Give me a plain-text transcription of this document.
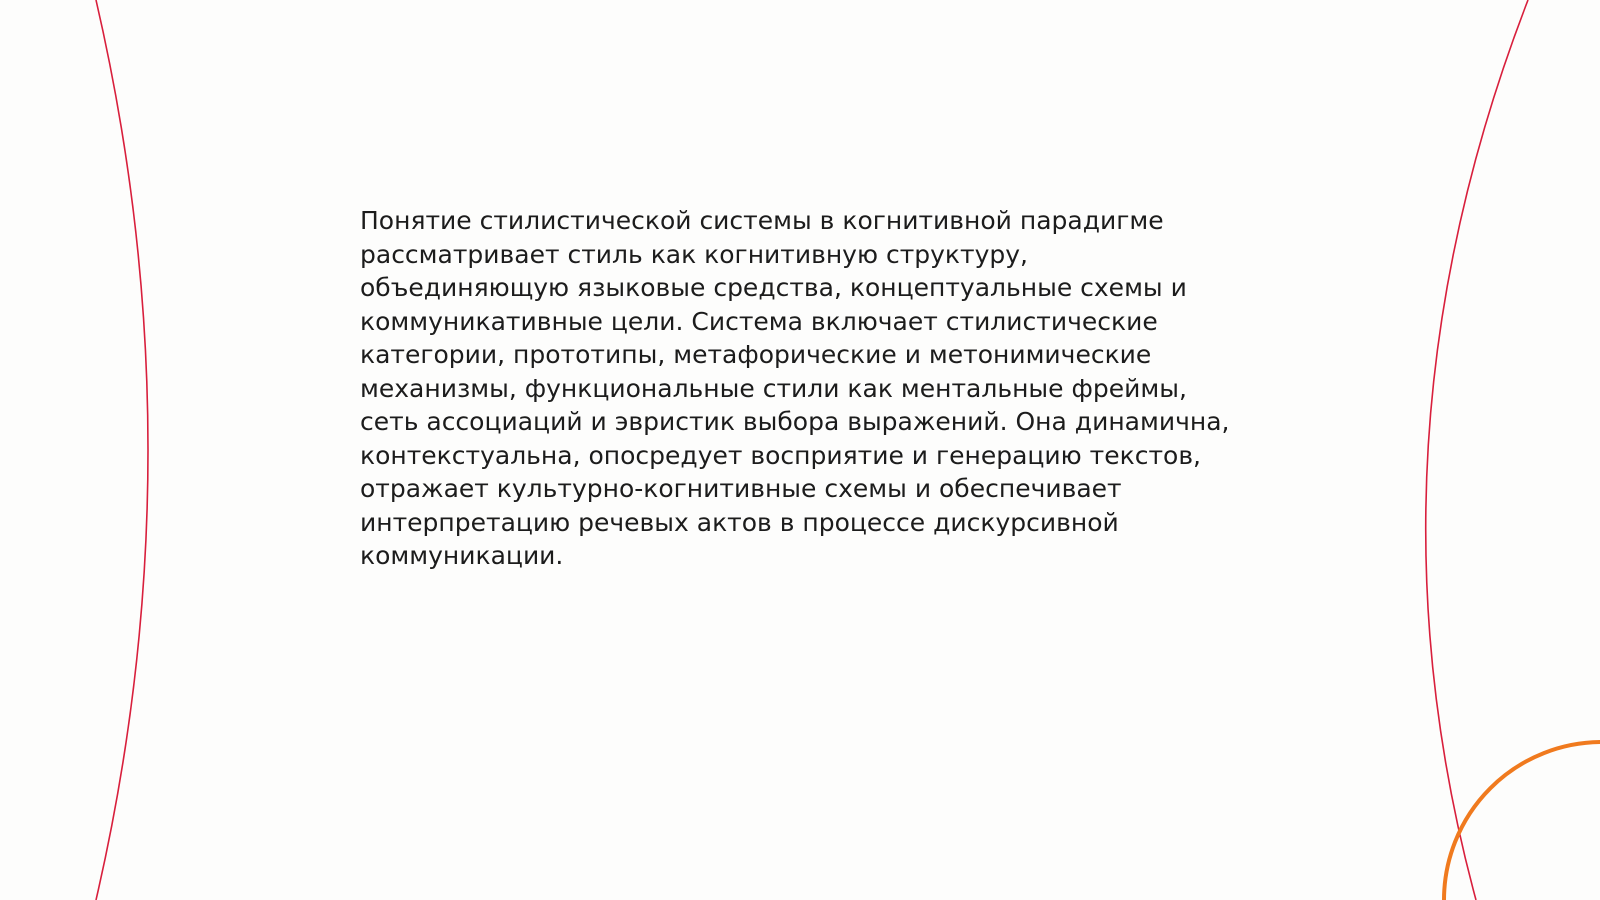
Понятие стилистической системы в когнитивной парадигме рассматривает стиль как когнитивную структуру, объединяющую языковые средства, концептуальные схемы и коммуникативные цели. Система включает стилистические категории, прототипы, метафорические и метонимические механизмы, функциональные стили как ментальные фреймы, сеть ассоциаций и эвристик выбора выражений. Она динамична, контекстуальна, опосредует восприятие и генерацию текстов, отражает культурно-когнитивные схемы и обеспечивает интерпретацию речевых актов в процессе дискурсивной коммуникации.
